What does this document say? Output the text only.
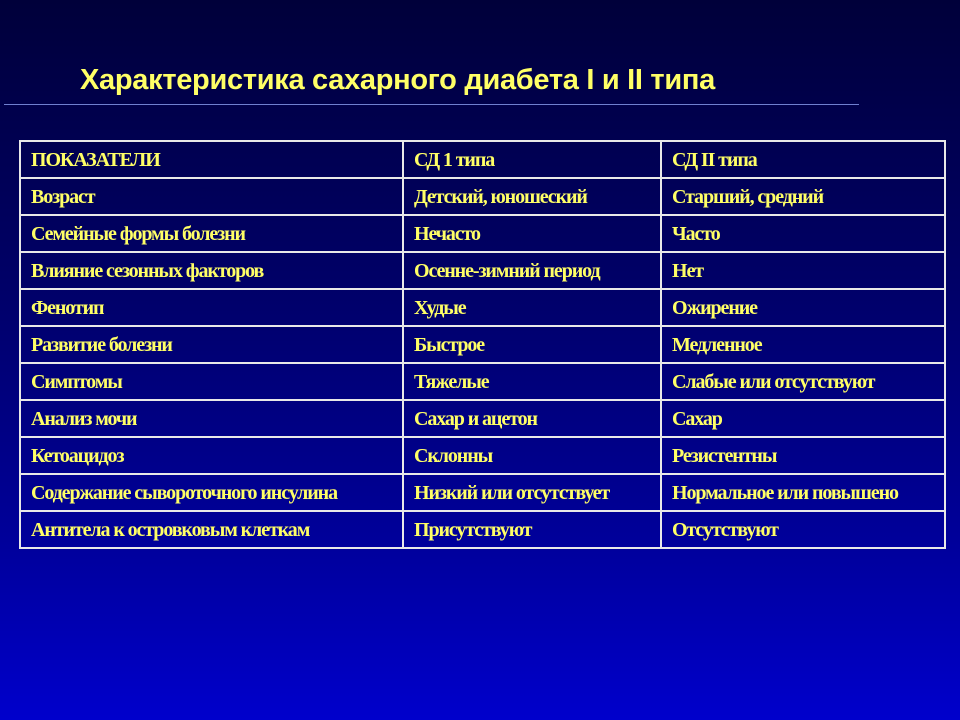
Характеристика сахарного диабета I и II типа
ПОКАЗАТЕЛИ	СД 1 типа	СД II типа
Возраст	Детский, юношеский	Старший, средний
Семейные формы болезни	Нечасто	Часто
Влияние сезонных факторов	Осенне-зимний период	Нет
Фенотип	Худые	Ожирение
Развитие болезни	Быстрое	Медленное
Симптомы	Тяжелые	Слабые или отсутствуют
Анализ мочи	Сахар и ацетон	Сахар
Кетоацидоз	Склонны	Резистентны
Содержание сывороточного инсулина	Низкий или отсутствует	Нормальное или повышено
Антитела к островковым клеткам	Присутствуют	Отсутствуют
